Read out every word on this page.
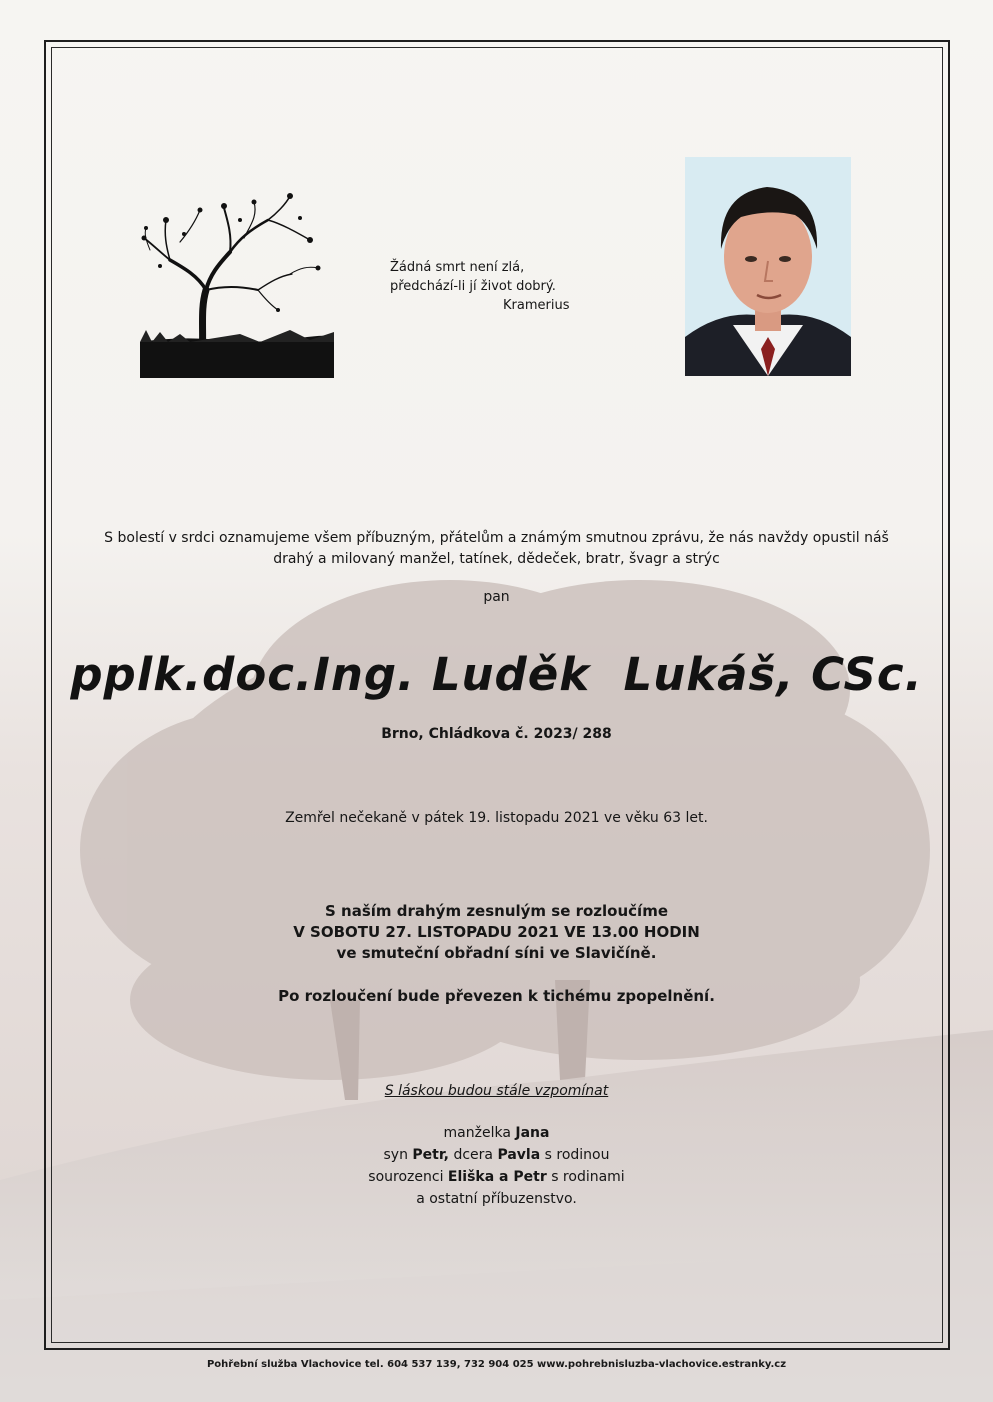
Žádná smrt není zlá,
předchází-li jí život dobrý.

Kramerius
S bolestí v srdci oznamujeme všem příbuzným, přátelům a známým smutnou zprávu, že nás navždy opustil náš
drahý a milovaný manžel, tatínek, dědeček, bratr, švagr a strýc
pan
pplk.doc.Ing. Luděk  Lukáš, CSc.
Brno, Chládkova č. 2023/ 288
Zemřel nečekaně v pátek 19. listopadu 2021 ve věku 63 let.
S naším drahým zesnulým se rozloučíme
V SOBOTU 27. LISTOPADU 2021 VE 13.00 HODIN
ve smuteční obřadní síni ve Slavičíně.
Po rozloučení bude převezen k tichému zpopelnění.
S láskou budou stále vzpomínat
manželka Jana
syn Petr, dcera Pavla s rodinou
sourozenci Eliška a Petr s rodinami
a ostatní příbuzenstvo.
Pohřební služba Vlachovice tel. 604 537 139, 732 904 025 www.pohrebnisluzba-vlachovice.estranky.cz
